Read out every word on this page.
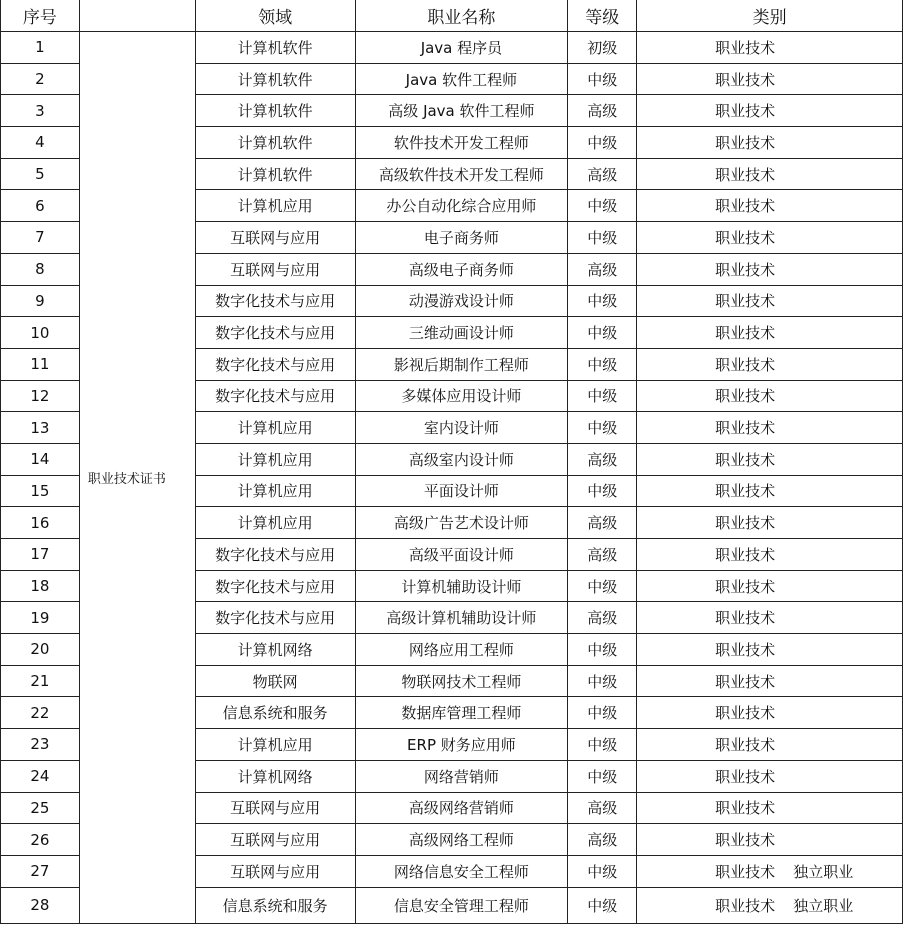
序号		领域	职业名称	等级	类别
1	职业技术证书	计算机软件	Java 程序员	初级	职业技术
2		计算机软件	Java 软件工程师	中级	职业技术
3		计算机软件	高级 Java 软件工程师	高级	职业技术
4		计算机软件	软件技术开发工程师	中级	职业技术
5		计算机软件	高级软件技术开发工程师	高级	职业技术
6		计算机应用	办公自动化综合应用师	中级	职业技术
7		互联网与应用	电子商务师	中级	职业技术
8		互联网与应用	高级电子商务师	高级	职业技术
9		数字化技术与应用	动漫游戏设计师	中级	职业技术
10		数字化技术与应用	三维动画设计师	中级	职业技术
11		数字化技术与应用	影视后期制作工程师	中级	职业技术
12		数字化技术与应用	多媒体应用设计师	中级	职业技术
13		计算机应用	室内设计师	中级	职业技术
14		计算机应用	高级室内设计师	高级	职业技术
15		计算机应用	平面设计师	中级	职业技术
16		计算机应用	高级广告艺术设计师	高级	职业技术
17		数字化技术与应用	高级平面设计师	高级	职业技术
18		数字化技术与应用	计算机辅助设计师	中级	职业技术
19		数字化技术与应用	高级计算机辅助设计师	高级	职业技术
20		计算机网络	网络应用工程师	中级	职业技术
21		物联网	物联网技术工程师	中级	职业技术
22		信息系统和服务	数据库管理工程师	中级	职业技术
23		计算机应用	ERP 财务应用师	中级	职业技术
24		计算机网络	网络营销师	中级	职业技术
25		互联网与应用	高级网络营销师	高级	职业技术
26		互联网与应用	高级网络工程师	高级	职业技术
27		互联网与应用	网络信息安全工程师	中级	职业技术 独立职业
28		信息系统和服务	信息安全管理工程师	中级	职业技术 独立职业
